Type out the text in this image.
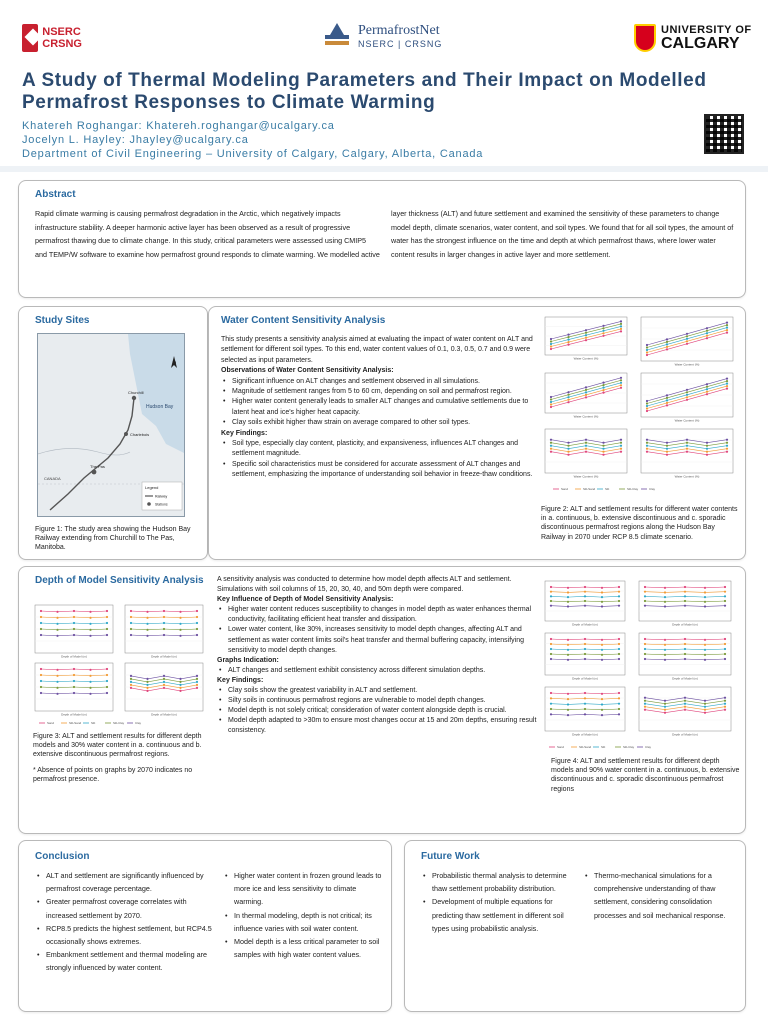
NSERC
CRSNG
PermafrostNet
NSERC | CRSNG
UNIVERSITY OF
CALGARY
A Study of Thermal Modeling Parameters and Their Impact on Modelled Permafrost Responses to Climate Warming
Khatereh Roghangar: Khatereh.roghangar@ucalgary.ca
Jocelyn L. Hayley: Jhayley@ucalgary.ca
Department of Civil Engineering – University of Calgary, Calgary, Alberta, Canada
Abstract
Rapid climate warming is causing permafrost degradation in the Arctic, which negatively impacts infrastructure stability. A deeper harmonic active layer has been observed as a result of progressive permafrost thawing due to climate change. In this study, critical parameters were assessed using CMIP5 and TEMP/W software to examine how permafrost ground responds to climate warming. We modelled active
layer thickness (ALT) and future settlement and examined the sensitivity of these parameters to change model depth, climate scenarios, water content, and soil types. We found that for all soil types, the amount of water has the strongest influence on the time and depth at which permafrost thaws, where lower water content results in larger changes in active layer and more settlement.
Study Sites
Churchill
Hudson Bay
Charlebois
The Pas
CANADA
Legend
Railway
Stations
Figure 1: The study area showing the Hudson Bay Railway extending from Churchill to The Pas, Manitoba.
Water Content Sensitivity Analysis
This study presents a sensitivity analysis aimed at evaluating the impact of water content on ALT and settlement for different soil types. To this end, water content values of 0.1, 0.3, 0.5, 0.7 and 0.9 were selected as input parameters.
Observations of Water Content Sensitivity Analysis:
• Significant influence on ALT changes and settlement observed in all simulations.
• Magnitude of settlement ranges from 5 to 60 cm, depending on soil and permafrost region.
• Higher water content generally leads to smaller ALT changes and cumulative settlements due to latent heat and ice's higher heat capacity.
• Clay soils exhibit higher thaw strain on average compared to other soil types.
Key Findings:
• Soil type, especially clay content, plasticity, and expansiveness, influences ALT changes and settlement magnitude.
• Specific soil characteristics must be considered for accurate assessment of ALT changes and settlement, emphasizing the importance of understanding soil behavior in freeze-thaw conditions.
Water Content (%)
Water Content (%)
Water Content (%)
Water Content (%)
Water Content (%)	Water Content (%)
Sand	Silt-Sand	Silt	Silt-Clay	Clay
Figure 2: ALT and settlement results for different water contents in a. continuous, b. extensive discontinuous and c. sporadic discontinuous permafrost regions along the Hudson Bay Railway in 2070 under RCP 8.5 climate scenario.
Depth of Model Sensitivity Analysis
Depth of Model (m)	Depth of Model (m)
Depth of Model (m)	Depth of Model (m)
Sand	Silt-Sand	Silt	Silt-Clay	Clay
Figure 3: ALT and settlement results for different depth models and 30% water content in a. continuous and b. extensive discontinuous permafrost regions.
* Absence of points on graphs by 2070 indicates no permafrost presence.
A sensitivity analysis was conducted to determine how model depth affects ALT and settlement. Simulations with soil columns of 15, 20, 30, 40, and 50m depth were compared.
Key Influence of Depth of Model Sensitivity Analysis:
• Higher water content reduces susceptibility to changes in model depth as water enhances thermal conductivity, facilitating efficient heat transfer and dissipation.
• Lower water content, like 30%, increases sensitivity to model depth changes, affecting ALT and settlement as water content limits soil's heat transfer and thermal buffering capacity, intensifying sensitivity to model depth changes.
Graphs Indication:
• ALT changes and settlement exhibit consistency across different simulation depths.
Key Findings:
• Clay soils show the greatest variability in ALT and settlement.
• Silty soils in continuous permafrost regions are vulnerable to model depth changes.
• Model depth is not solely critical; consideration of water content alongside depth is crucial.
• Model depth adapted to >30m to ensure most changes occur at 15 and 20m depths, ensuring result consistency.
Depth of Model (m)	Depth of Model (m)
Depth of Model (m)	Depth of Model (m)
Depth of Model (m)	Depth of Model (m)
Sand	Silt-Sand	Silt	Silt-Clay	Clay
Figure 4: ALT and settlement results for different depth models and 90% water content in a. continuous, b. extensive discontinuous and c. sporadic discontinuous permafrost regions
Conclusion
• ALT and settlement are significantly influenced by permafrost coverage percentage.
• Greater permafrost coverage correlates with increased settlement by 2070.
• RCP8.5 predicts the highest settlement, but RCP4.5 occasionally shows extremes.
• Embankment settlement and thermal modeling are strongly influenced by water content.
• Higher water content in frozen ground leads to more ice and less sensitivity to climate warming.
• In thermal modeling, depth is not critical; its influence varies with soil water content.
• Model depth is a less critical parameter to soil samples with high water content values.
Future Work
• Probabilistic thermal analysis to determine thaw settlement probability distribution.
• Development of multiple equations for predicting thaw settlement in different soil types using probabilistic analysis.
• Thermo-mechanical simulations for a comprehensive understanding of thaw settlement, considering consolidation processes and soil mechanical response.
